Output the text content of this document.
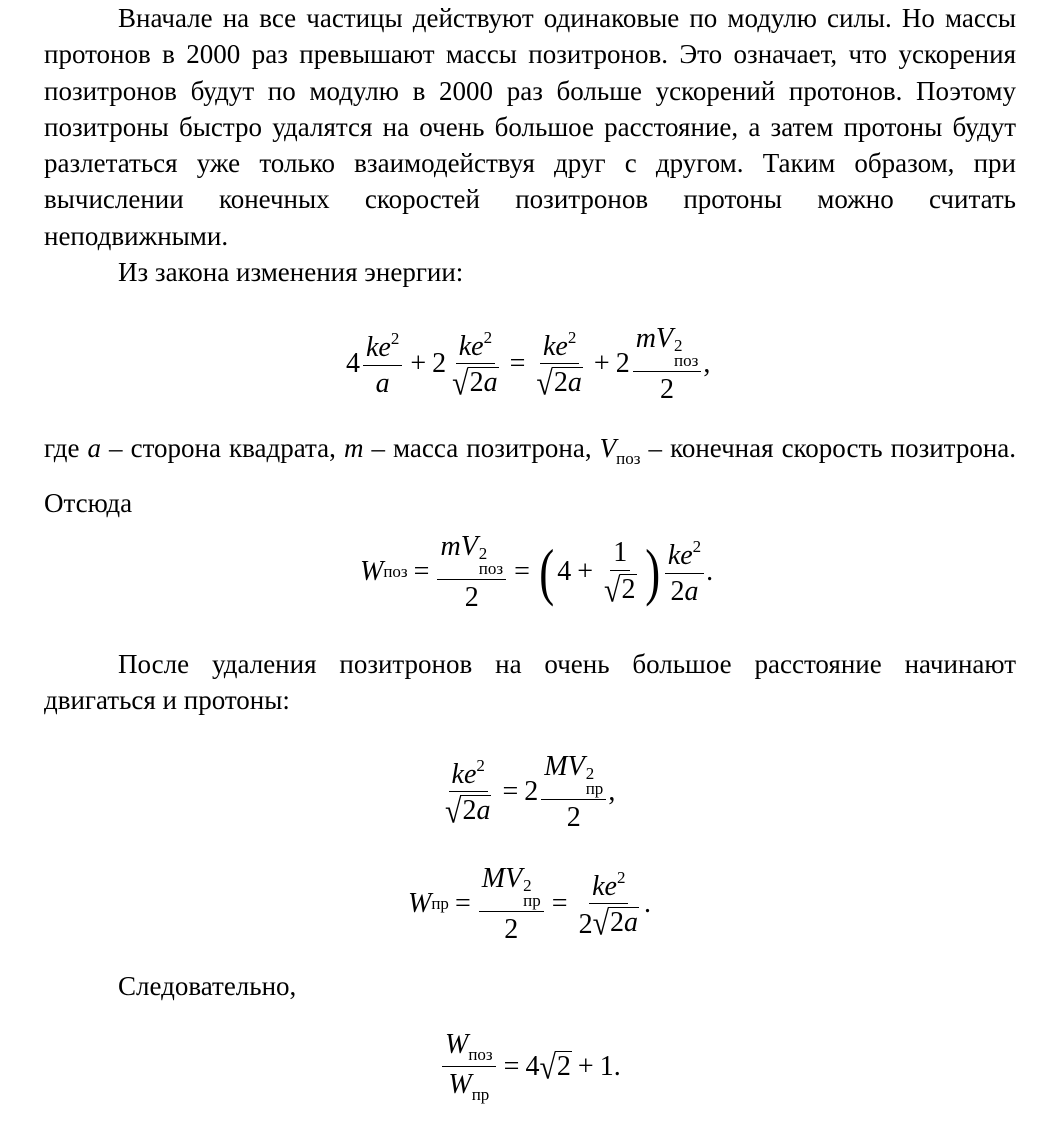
Вначале на все частицы действуют одинаковые по модулю силы. Но массы протонов в 2000 раз превышают массы позитронов. Это означает, что ускорения позитронов будут по модулю в 2000 раз больше ускорений протонов. Поэтому позитроны быстро удалятся на очень большое расстояние, а затем протоны будут разлетаться уже только взаимодействуя друг с другом. Таким образом, при вычислении конечных скоростей позитронов протоны можно считать неподвижными.

Из закона изменения энергии:

$4 \frac{ke^2}{a} + 2 \frac{ke^2}{√ 2a} = \frac{ke^2}{√ 2a} + 2$ mV 2
поз
2 ,

где a – сторона квадрата, m – масса позитрона, $V_{поз}$ – конечная скорость позитрона. Отсюда

W поз = mV 2
поз
2 = ( $4 + \frac{1}{√ 2}$ ) $\frac{ke^2}{2a}$ .

После удаления позитронов на очень большое расстояние начинают двигаться и протоны:

$\frac{ke^2}{√ 2a} = 2$ MV 2
пр
2 ,
W пр = MV 2
пр
$2 = \frac{ke^2}{2 √ 2a}$ .

Следовательно,

$\frac{W_{поз}}{W_{пр}} = 4$ √ 2 + 1 .
